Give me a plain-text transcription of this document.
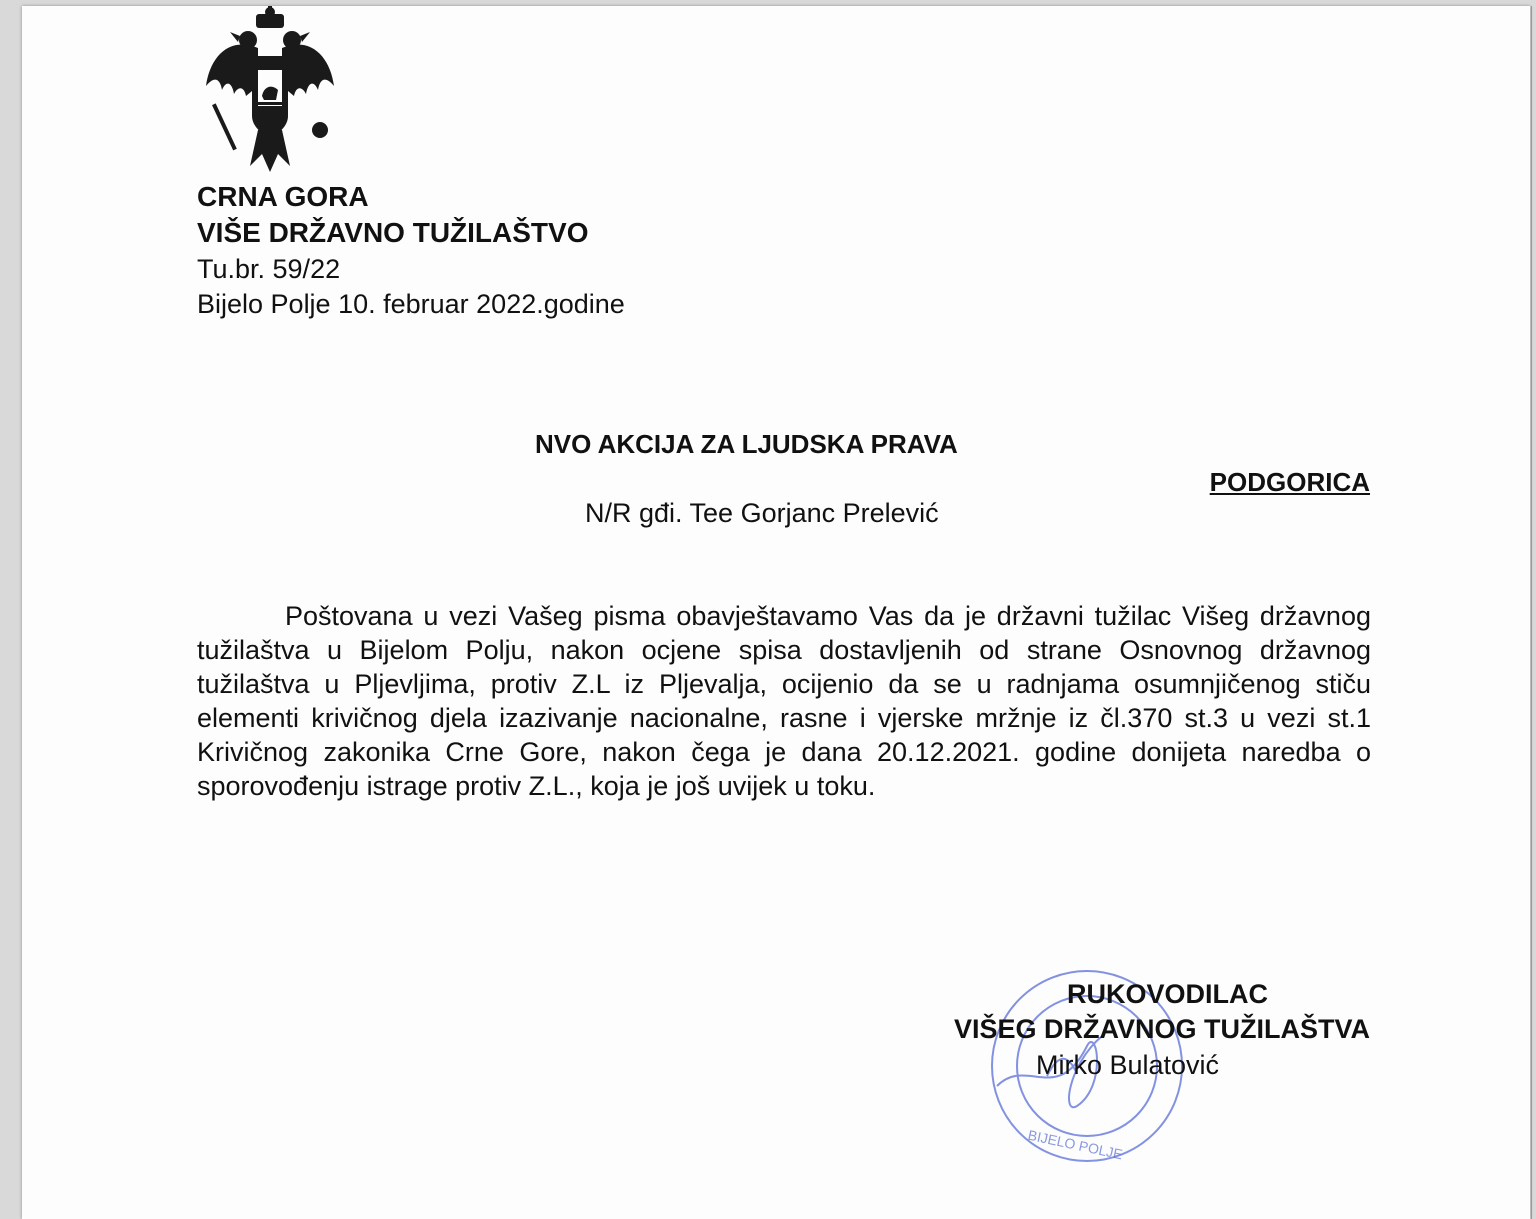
CRNA GORA
VIŠE DRŽAVNO TUŽILAŠTVO
Tu.br. 59/22
Bijelo Polje 10. februar 2022.godine
NVO AKCIJA ZA LJUDSKA PRAVA
PODGORICA
N/R gđi. Tee Gorjanc Prelević

Poštovana u vezi Vašeg pisma obavještavamo Vas da je državni tužilac Višeg državnog tužilaštva u Bijelom Polju, nakon ocjene spisa dostavljenih od strane Osnovnog državnog tužilaštva u Pljevljima, protiv Z.L iz Pljevalja, ocijenio da se u radnjama osumnjičenog stiču elementi krivičnog djela izazivanje nacionalne, rasne i vjerske mržnje iz čl.370 st.3 u vezi st.1 Krivičnog zakonika Crne Gore, nakon čega je dana 20.12.2021. godine donijeta naredba o sporovođenju istrage protiv Z.L., koja je još uvijek u toku.

BIJELO POLJE
RUKOVODILAC
VIŠEG DRŽAVNOG TUŽILAŠTVA
Mirko Bulatović
